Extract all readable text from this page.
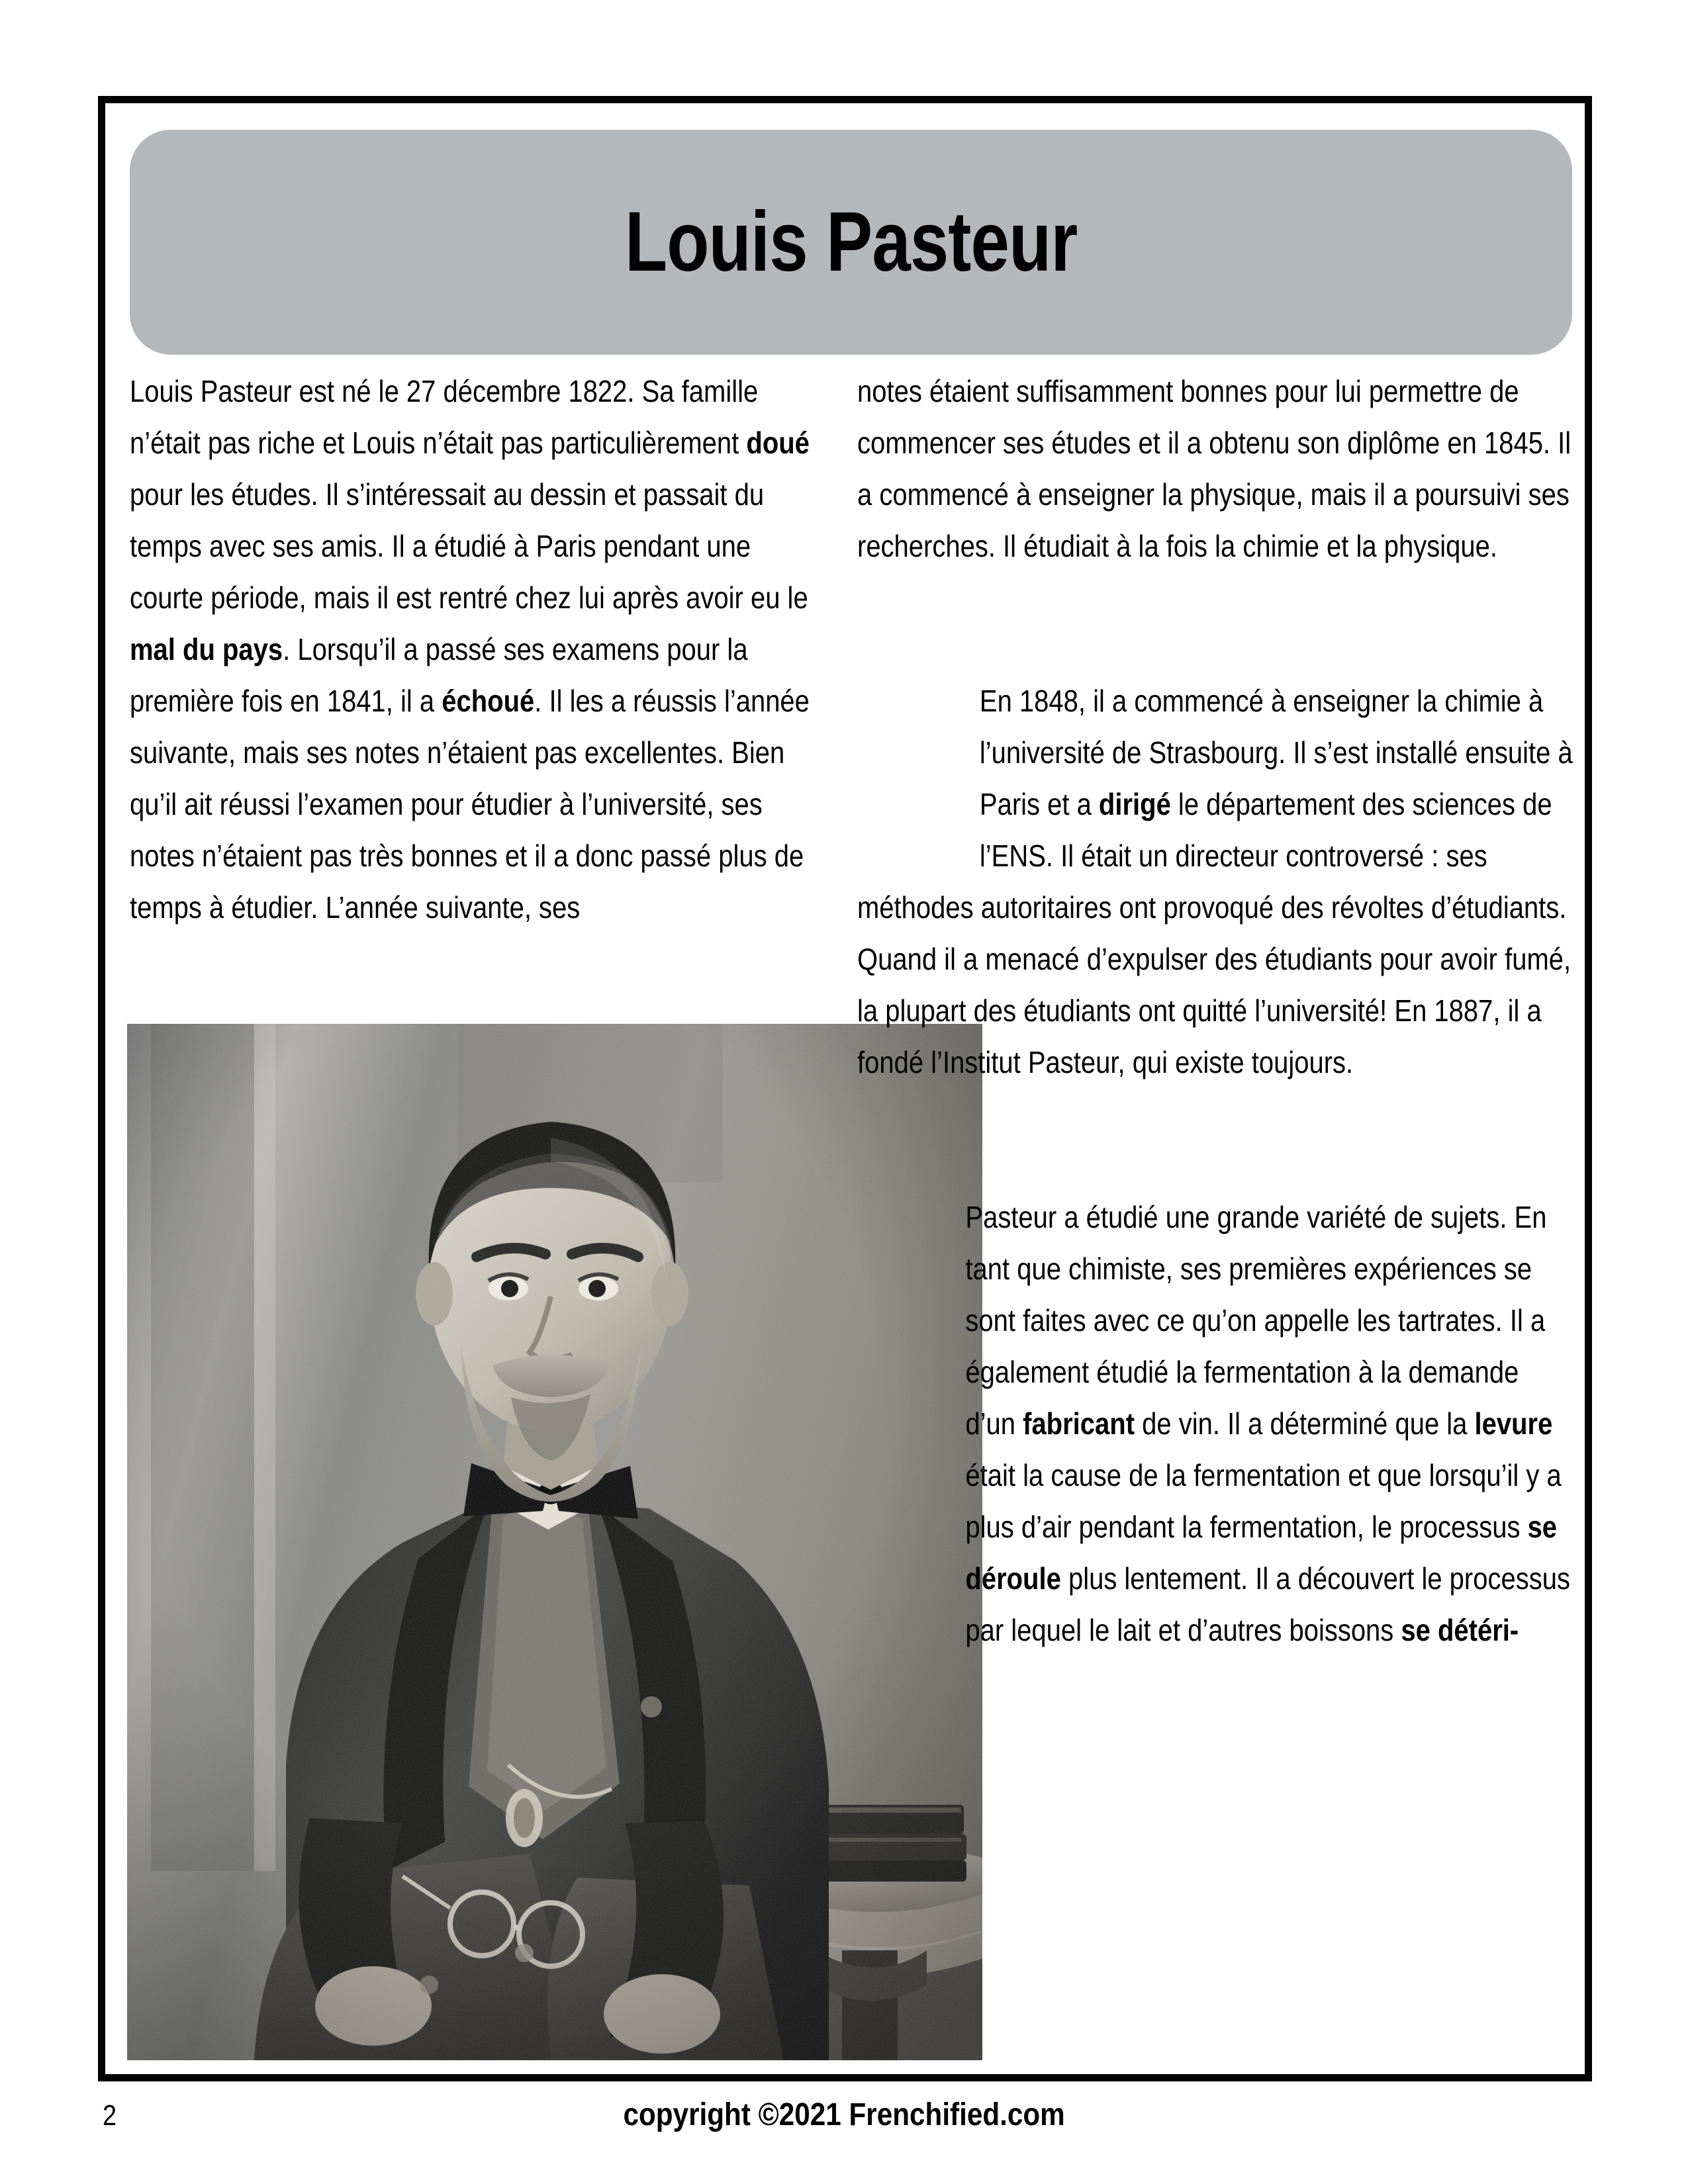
Louis Pasteur

Louis Pasteur est né le 27 décembre 1822. Sa famille n’était pas riche et Louis n’était pas particulièrement doué pour les études. Il s’intéressait au dessin et passait du temps avec ses amis. Il a étudié à Paris pendant une courte période, mais il est rentré chez lui après avoir eu le mal du pays. Lorsqu’il a passé ses examens pour la première fois en 1841, il a échoué. Il les a réussis l’année suivante, mais ses notes n’étaient pas excellentes. Bien qu’il ait réussi l’examen pour étudier à l’université, ses notes n’étaient pas très bonnes et il a donc passé plus de temps à étudier. L’année suivante, ses

notes étaient suffisamment bonnes pour lui permettre de commencer ses études et il a obtenu son diplôme en 1845. Il a commencé à enseigner la physique, mais il a poursuivi ses recherches. Il étudiait à la fois la chimie et la physique.

En 1848, il a commencé à enseigner la chimie à l’université de Strasbourg. Il s’est installé ensuite à Paris et a dirigé le département des sciences de l’ENS. Il était un directeur controversé : ses méthodes autoritaires ont provoqué des révoltes d’étudiants. Quand il a menacé d’expulser des étudiants pour avoir fumé, la plupart des étudiants ont quitté l’université! En 1887, il a fondé l’Institut Pasteur, qui existe toujours.

Pasteur a étudié une grande variété de sujets. En tant que chimiste, ses premières expériences se sont faites avec ce qu’on appelle les tartrates. Il a également étudié la fermentation à la demande d’un fabricant de vin. Il a déterminé que la levure était la cause de la fermentation et que lorsqu’il y a plus d’air pendant la fermentation, le processus se déroule plus lentement. Il a découvert le processus par lequel le lait et d’autres boissons se détéri-

2	copyright ©2021 Frenchified.com
